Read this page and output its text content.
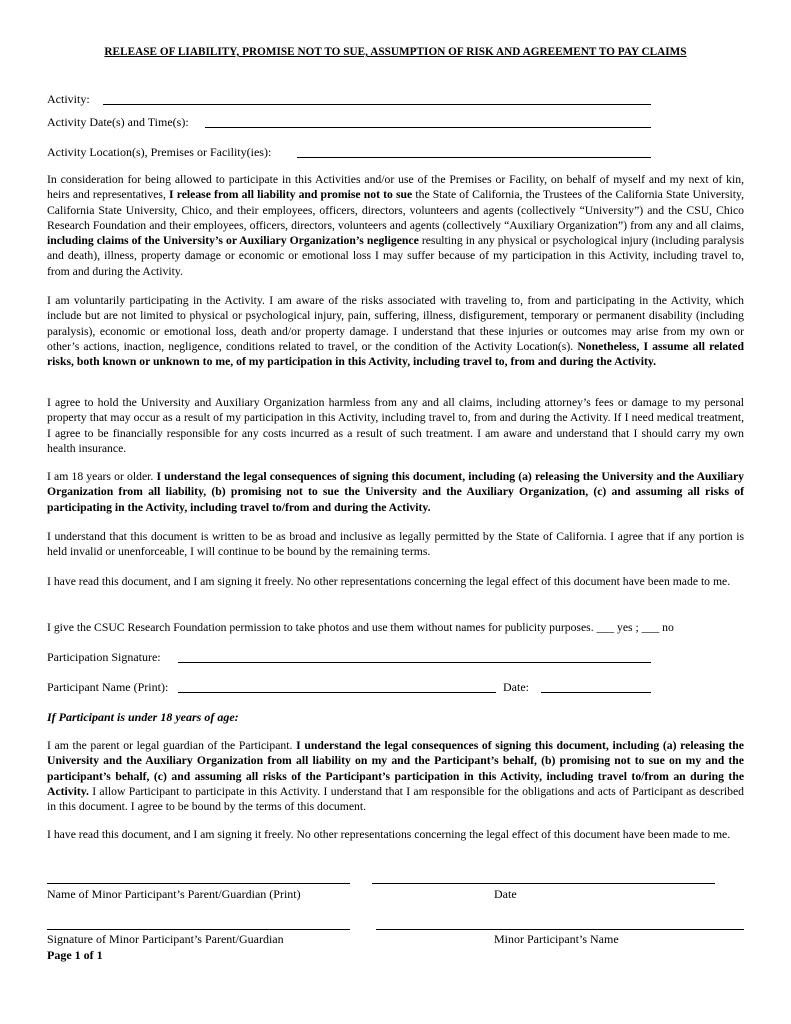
RELEASE OF LIABILITY, PROMISE NOT TO SUE, ASSUMPTION OF RISK AND AGREEMENT TO PAY CLAIMS
Activity:
Activity Date(s) and Time(s):
Activity Location(s), Premises or Facility(ies):

In consideration for being allowed to participate in this Activities and/or use of the Premises or Facility, on behalf of myself and my next of kin, heirs and representatives, I release from all liability and promise not to sue the State of California, the Trustees of the California State University, California State University, Chico, and their employees, officers, directors, volunteers and agents (collectively “University”) and the CSU, Chico Research Foundation and their employees, officers, directors, volunteers and agents (collectively “Auxiliary Organization”) from any and all claims, including claims of the University’s or Auxiliary Organization’s negligence resulting in any physical or psychological injury (including paralysis and death), illness, property damage or economic or emotional loss I may suffer because of my participation in this Activity, including travel to, from and during the Activity.

I am voluntarily participating in the Activity. I am aware of the risks associated with traveling to, from and participating in the Activity, which include but are not limited to physical or psychological injury, pain, suffering, illness, disfigurement, temporary or permanent disability (including paralysis), economic or emotional loss, death and/or property damage. I understand that these injuries or outcomes may arise from my own or other’s actions, inaction, negligence, conditions related to travel, or the condition of the Activity Location(s). Nonetheless, I assume all related risks, both known or unknown to me, of my participation in this Activity, including travel to, from and during the Activity.

I agree to hold the University and Auxiliary Organization harmless from any and all claims, including attorney’s fees or damage to my personal property that may occur as a result of my participation in this Activity, including travel to, from and during the Activity. If I need medical treatment, I agree to be financially responsible for any costs incurred as a result of such treatment. I am aware and understand that I should carry my own health insurance.

I am 18 years or older. I understand the legal consequences of signing this document, including (a) releasing the University and the Auxiliary Organization from all liability, (b) promising not to sue the University and the Auxiliary Organization, (c) and assuming all risks of participating in the Activity, including travel to/from and during the Activity.

I understand that this document is written to be as broad and inclusive as legally permitted by the State of California. I agree that if any portion is held invalid or unenforceable, I will continue to be bound by the remaining terms.

I have read this document, and I am signing it freely. No other representations concerning the legal effect of this document have been made to me.

I give the CSUC Research Foundation permission to take photos and use them without names for publicity purposes. ___ yes ; ___ no

Participation Signature:
Participant Name (Print):	Date:
If Participant is under 18 years of age:

I am the parent or legal guardian of the Participant. I understand the legal consequences of signing this document, including (a) releasing the University and the Auxiliary Organization from all liability on my and the Participant’s behalf, (b) promising not to sue on my and the participant’s behalf, (c) and assuming all risks of the Participant’s participation in this Activity, including travel to/from an during the Activity. I allow Participant to participate in this Activity. I understand that I am responsible for the obligations and acts of Participant as described in this document. I agree to be bound by the terms of this document.

I have read this document, and I am signing it freely. No other representations concerning the legal effect of this document have been made to me.

Name of Minor Participant’s Parent/Guardian (Print)	Date
Signature of Minor Participant’s Parent/Guardian	Minor Participant’s Name
Page 1 of 1
